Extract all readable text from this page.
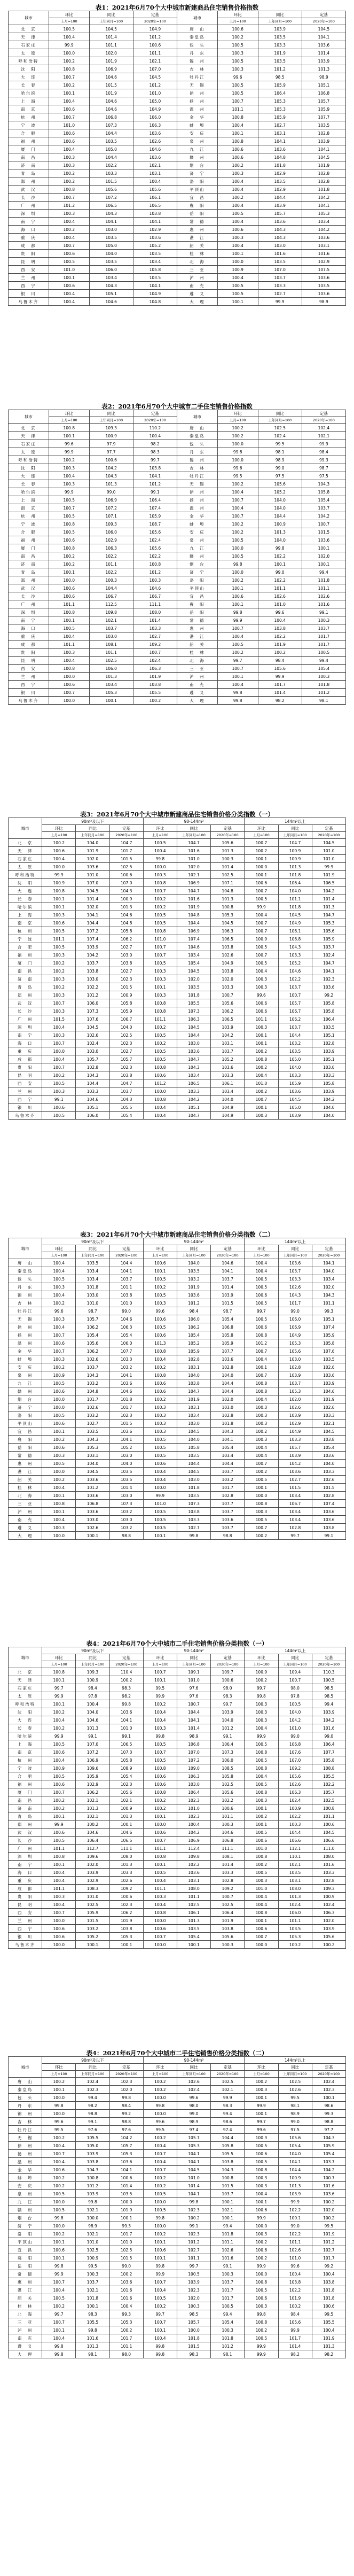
表1：2021年6月70个大中城市新建商品住宅销售价格指数
城市	环比	同比	定基	城市	环比	同比	定基
	上月=100	上年同月=100	2020年=100		上月=100	上年同月=100	2020年=100
北　京	100.5	104.5	104.9	唐　山	100.6	103.9	104.5
天　津	100.4	101.4	101.2	秦皇岛	100.2	103.5	104.1
石家庄	99.9	101.1	100.6	包　头	100.5	103.3	103.6
太　原	100.0	102.0	101.1	丹　东	100.3	101.9	101.4
呼和浩特	100.2	101.9	102.1	锦　州	100.5	103.5	103.9
沈　阳	100.8	106.9	107.0	吉　林	100.3	101.2	101.3
大　连	100.7	104.6	104.5	牡丹江	99.6	98.5	98.9
长　春	100.2	101.5	101.2	无　锡	100.5	105.9	105.1
哈尔滨	100.1	101.9	101.0	徐　州	100.5	106.4	106.8
上　海	100.4	104.6	105.0	扬　州	100.7	105.3	105.7
南　京	100.6	104.6	104.9	温　州	101.1	105.3	105.9
杭　州	100.7	106.8	106.0	金　华	100.8	105.9	107.7
宁　波	101.0	107.3	106.3	蚌　埠	100.4	102.7	103.5
合　肥	100.6	104.4	103.6	安　庆	100.1	103.1	102.8
福　州	100.6	103.5	102.6	泉　州	100.8	104.1	103.9
厦　门	100.4	105.0	104.6	九　江	100.6	103.6	104.1
南　昌	100.3	104.4	103.6	赣　州	100.6	104.8	104.5
济　南	100.3	102.2	102.1	烟　台	100.2	101.8	101.9
青　岛	100.2	103.3	103.1	济　宁	100.3	102.9	102.8
郑　州	100.2	101.5	100.4	洛　阳	100.4	103.5	102.8
武　汉	100.8	105.6	105.6	平顶山	100.4	102.9	101.8
长　沙	100.7	107.2	106.1	宜　昌	100.2	104.4	104.2
广　州	101.2	106.5	106.5	襄　阳	100.4	103.9	104.1
深　圳	100.3	104.3	103.8	岳　阳	100.5	105.7	105.3
南　宁	100.4	104.1	104.1	常　德	100.4	103.6	103.4
海　口	100.2	103.0	102.9	惠　州	100.6	104.3	104.2
重　庆	100.4	103.5	103.6	湛　江	100.3	104.3	103.6
成　都	100.7	105.0	105.2	韶　关	100.4	103.0	103.1
贵　阳	100.6	104.0	103.5	桂　林	100.1	101.6	101.6
昆　明	100.5	103.5	103.4	北　海	100.0	103.5	102.9
西　安	101.0	106.0	105.8	三　亚	100.9	107.0	107.5
兰　州	100.1	103.4	103.5	泸　州	100.4	103.7	103.6
西　宁	100.6	104.3	104.1	南　充	100.5	103.3	103.5
银　川	100.4	105.1	104.9	遵　义	100.5	102.7	103.6
乌鲁木齐	100.4	104.6	104.8	大　理	100.1	99.9	98.9
表2：2021年6月70个大中城市二手住宅销售价格指数
城市	环比	同比	定基	城市	环比	同比	定基
	上月=100	上年同月=100	2020年=100		上月=100	上年同月=100	2020年=100
北　京	100.8	109.3	110.2	唐　山	100.2	102.5	102.4
天　津	100.1	100.9	100.4	秦皇岛	100.2	102.4	102.1
石家庄	99.6	97.9	98.2	包　头	100.0	99.5	99.9
太　原	99.9	97.7	98.3	丹　东	99.8	98.1	98.4
呼和浩特	100.2	100.6	99.7	锦　州	100.0	98.9	99.3
沈　阳	100.3	104.2	103.8	吉　林	99.6	99.0	98.7
大　连	100.4	104.3	104.1	牡丹江	99.5	97.5	97.5
长　春	100.3	101.3	101.2	无　锡	100.2	105.6	104.3
哈尔滨	99.9	99.0	99.1	徐　州	100.4	105.2	105.8
上　海	100.5	106.9	106.4	扬　州	100.7	104.0	105.4
南　京	100.7	107.2	107.4	温　州	100.4	104.0	103.7
杭　州	100.5	107.1	105.9	金　华	100.7	104.4	104.2
宁　波	100.8	109.3	108.7	蚌　埠	100.2	100.9	100.7
合　肥	100.5	106.0	105.6	安　庆	100.2	101.3	101.5
福　州	100.6	102.9	102.4	泉　州	100.5	104.0	103.6
厦　门	100.8	106.3	105.6	九　江	100.0	99.8	100.1
南　昌	100.2	102.2	102.2	赣　州	100.5	102.2	102.0
济　南	100.2	101.1	100.8	烟　台	99.8	100.1	100.1
青　岛	100.1	102.2	101.2	济　宁	100.0	99.0	99.4
郑　州	100.0	100.3	100.3	洛　阳	100.2	102.2	101.8
武　汉	100.6	104.4	104.6	平顶山	100.1	101.1	101.1
长　沙	100.6	106.7	106.7	宜　昌	100.6	102.6	102.6
广　州	101.1	112.5	111.1	襄　阳	100.1	101.0	101.6
深　圳	100.8	109.8	108.0	岳　阳	99.8	99.6	99.1
南　宁	100.1	102.1	101.4	常　德	99.9	100.4	100.3
海　口	100.5	103.7	103.3	惠　州	100.7	103.8	103.7
重　庆	100.4	103.0	102.7	湛　江	100.4	102.2	101.7
成　都	101.1	108.1	109.2	韶　关	100.5	101.9	101.7
贵　阳	100.3	101.1	100.7	桂　林	100.2	100.2	100.5
昆　明	100.4	102.5	102.4	北　海	99.7	98.4	99.4
西　安	100.8	106.0	106.3	三　亚	100.7	105.6	105.4
兰　州	100.0	101.3	101.9	泸　州	100.1	99.9	100.3
西　宁	100.6	103.4	103.8	南　充	100.4	101.7	101.8
银　川	100.7	105.3	105.5	遵　义	99.8	101.4	101.2
乌鲁木齐	100.0	100.1	100.2	大　理	99.8	98.2	98.1
表3：2021年6月70个大中城市新建商品住宅销售价格分类指数（一）
城市	90m²及以下			90-144m²			144m²以上		
	环比	同比	定基	环比	同比	定基	环比	同比	定基
	上月=100	上年同月=100	2020年=100	上月=100	上年同月=100	2020年=100	上月=100	上年同月=100	2020年=100
北　京	100.2	104.0	104.7	100.5	104.7	105.6	100.7	104.7	104.5
天　津	100.6	101.9	101.7	100.4	101.6	101.3	100.2	100.9	101.0
石家庄	100.4	102.0	101.5	99.8	101.0	100.3	100.1	100.9	101.0
太　原	100.0	103.6	102.5	100.0	102.0	101.4	100.0	101.3	99.9
呼和浩特	99.9	101.0	100.6	100.3	102.1	102.5	100.1	101.8	101.9
沈　阳	100.9	107.0	107.0	100.8	106.9	107.1	100.6	106.4	106.5
大　连	100.8	104.5	104.3	100.7	104.7	104.8	100.7	104.0	104.2
长　春	100.1	101.4	100.9	100.2	101.6	101.3	100.5	101.1	101.4
哈尔滨	100.1	102.0	101.3	100.2	101.9	100.8	99.9	101.8	101.3
上　海	100.3	104.1	104.6	100.5	104.8	105.3	100.4	104.5	104.7
南　京	100.6	104.4	104.8	100.5	104.4	104.5	100.7	104.9	105.3
杭　州	100.5	107.2	105.8	100.8	106.9	106.3	100.7	106.1	105.6
宁　波	101.1	107.4	106.2	101.0	107.4	106.5	100.9	106.8	105.9
合　肥	100.5	103.9	102.7	100.7	104.6	103.8	100.5	104.3	103.7
福　州	100.3	104.2	103.0	100.7	103.4	102.6	100.7	103.3	102.4
厦　门	100.2	103.7	103.8	100.5	105.4	104.9	100.5	105.2	104.7
南　昌	100.2	103.8	102.7	100.3	104.5	103.8	100.4	104.6	104.1
济　南	100.3	103.0	102.3	100.3	102.0	102.0	100.3	102.2	102.3
青　岛	100.2	102.2	101.5	100.1	103.5	103.3	100.3	103.7	103.6
郑　州	100.3	101.2	100.9	100.3	101.8	100.7	99.6	100.7	99.2
武　汉	100.7	106.0	105.8	100.8	105.5	105.6	100.6	105.7	105.8
长　沙	100.3	107.3	105.9	100.8	107.3	106.2	100.6	106.7	105.8
广　州	101.5	107.6	106.7	101.1	106.3	106.5	101.1	106.2	106.4
深　圳	100.4	104.5	104.0	100.2	104.5	103.9	100.3	103.7	103.5
南　宁	100.3	102.6	102.5	100.5	104.4	104.2	100.1	104.4	105.1
海　口	100.7	102.4	102.3	100.2	103.0	103.1	100.1	103.2	102.8
重　庆	100.0	103.0	102.7	100.5	103.6	103.7	100.2	103.5	103.9
成　都	100.4	105.7	105.7	100.5	104.7	105.2	100.8	105.0	105.1
贵　阳	100.7	102.8	102.3	100.8	104.3	103.6	100.2	104.0	103.6
昆　明	100.2	104.3	103.8	100.6	103.4	103.3	100.4	103.3	103.3
西　安	100.5	104.4	104.7	101.2	106.5	106.1	101.0	105.9	105.8
兰　州	100.3	103.3	103.7	100.0	103.3	103.4	100.2	103.6	103.9
西　宁	99.1	104.6	104.3	100.8	104.2	104.0	100.7	104.5	104.2
银　川	100.6	105.1	105.5	100.4	105.1	104.9	100.1	105.0	104.0
乌鲁木齐	100.5	106.0	105.4	100.4	104.7	104.9	100.3	103.9	104.0
表3：2021年6月70个大中城市新建商品住宅销售价格分类指数（二）
城市	90m²及以下			90-144m²			144m²以上		
	环比	同比	定基	环比	同比	定基	环比	同比	定基
	上月=100	上年同月=100	2020年=100	上月=100	上年同月=100	2020年=100	上月=100	上年同月=100	2020年=100
唐　山	100.4	103.5	104.4	100.6	104.0	104.6	100.4	103.6	104.1
秦皇岛	100.4	103.4	104.1	100.1	103.5	104.1	100.4	103.7	104.0
包　头	100.5	103.4	103.7	100.5	103.2	103.7	100.5	103.3	103.4
丹　东	100.3	101.8	101.1	100.2	101.9	101.4	100.5	102.6	102.0
锦　州	100.4	103.0	103.8	100.5	103.6	103.9	100.6	104.3	104.3
吉　林	100.2	101.0	101.0	100.3	101.2	101.5	100.5	101.7	101.1
牡丹江	99.6	98.7	99.0	99.6	98.4	98.7	99.7	99.0	99.3
无　锡	100.3	105.7	104.6	100.6	106.0	105.4	100.5	106.0	105.1
徐　州	100.4	106.2	106.3	100.5	106.2	106.8	100.6	106.9	107.4
扬　州	100.7	105.4	105.4	100.6	105.4	105.8	100.8	104.9	105.9
温　州	100.6	105.6	106.0	101.3	105.2	105.9	101.2	105.3	105.8
金　华	100.7	106.2	107.7	100.8	105.9	107.7	100.7	105.6	107.6
蚌　埠	100.3	102.6	103.3	100.4	102.8	103.6	100.4	103.0	103.5
安　庆	100.2	103.7	103.2	100.2	103.1	102.8	100.1	102.8	102.6
泉　州	100.9	104.3	104.1	100.8	104.0	104.0	100.7	103.9	103.6
九　江	100.5	103.2	103.6	100.6	103.8	104.4	100.8	103.7	103.9
赣　州	100.6	104.8	104.6	100.6	104.7	104.4	100.8	105.3	104.6
烟　台	100.0	101.7	101.8	100.2	101.9	102.0	100.4	102.0	101.9
济　宁	100.0	102.6	101.7	100.3	103.1	103.0	100.3	102.6	102.6
洛　阳	100.5	103.2	102.3	100.3	103.4	102.8	100.3	103.9	103.3
平顶山	100.6	102.7	101.5	100.3	103.0	101.8	100.3	102.9	102.1
宜　昌	100.1	103.5	103.6	100.3	104.5	104.3	100.2	104.9	104.5
襄　阳	100.2	104.3	104.1	100.5	104.0	104.1	100.3	103.3	103.8
岳　阳	100.6	105.3	105.2	100.5	105.8	105.4	100.4	105.7	105.4
常　德	100.3	103.1	103.0	100.5	103.5	103.4	100.4	103.9	103.6
惠　州	100.5	104.0	104.0	100.6	104.4	104.4	100.7	104.2	104.0
湛　江	100.0	104.5	103.5	100.4	104.5	103.7	100.2	103.6	103.3
韶　关	100.2	103.6	103.5	100.4	103.0	103.2	100.5	102.7	102.6
桂　林	100.4	101.2	101.4	100.0	101.8	101.7	100.1	101.5	101.5
北　海	100.1	103.6	103.0	99.9	103.5	102.8	100.0	103.4	102.8
三　亚	100.8	106.8	107.3	101.0	107.3	107.7	100.8	106.7	107.4
泸　州	100.1	103.6	103.2	100.5	103.8	103.7	100.3	103.4	103.6
南　充	100.4	103.0	103.0	100.5	103.3	103.6	100.5	103.4	103.6
遵　义	100.3	102.6	103.2	100.5	102.7	103.7	100.7	102.8	103.8
大　理	100.0	100.1	98.8	100.1	99.8	98.8	100.2	99.7	99.1
表4：2021年6月70个大中城市二手住宅销售价格分类指数（一）
城市	90m²及以下			90-144m²			144m²以上		
	环比	同比	定基	环比	同比	定基	环比	同比	定基
	上月=100	上年同月=100	2020年=100	上月=100	上年同月=100	2020年=100	上月=100	上年同月=100	2020年=100
北　京	100.8	109.3	110.4	100.7	109.1	109.7	100.9	109.4	110.3
天　津	100.1	100.9	100.2	100.1	101.0	100.6	100.2	100.7	100.5
石家庄	99.7	98.4	98.3	99.5	97.6	98.0	99.7	98.0	98.5
太　原	99.9	97.8	98.2	99.9	97.6	98.3	99.8	97.8	98.5
呼和浩特	100.1	100.4	99.8	100.2	100.7	99.7	100.3	100.5	99.4
沈　阳	100.2	104.0	103.6	100.4	104.4	103.9	100.3	104.0	103.9
大　连	100.4	104.6	104.1	100.4	104.1	104.0	100.3	104.2	104.2
长　春	100.2	101.3	101.0	100.3	101.4	101.2	100.4	101.0	101.6
哈尔滨	99.9	99.1	99.1	99.8	98.9	99.1	99.9	99.0	99.0
上　海	100.5	107.0	106.5	100.5	106.8	106.4	100.5	106.8	106.4
南　京	100.6	107.2	107.3	100.7	107.0	107.3	100.8	107.6	107.7
杭　州	100.4	106.9	105.8	100.5	107.2	106.0	100.5	107.0	105.8
宁　波	100.9	109.6	108.9	100.8	109.0	108.5	100.8	109.2	108.8
合　肥	100.5	105.9	105.4	100.6	106.3	105.8	100.4	105.6	105.5
福　州	100.6	102.9	102.3	100.6	103.0	102.5	100.5	102.6	102.2
厦　门	100.7	106.2	105.6	100.8	106.4	105.6	100.8	106.3	105.7
南　昌	100.2	102.1	102.1	100.2	102.3	102.2	100.3	102.4	102.5
济　南	100.2	101.3	100.9	100.2	101.0	100.6	100.1	100.9	100.8
青　岛	100.1	102.1	101.3	100.1	102.3	101.1	100.2	102.2	101.1
郑　州	99.9	100.2	100.1	100.0	100.4	100.3	100.1	100.3	100.6
武　汉	100.6	104.6	104.6	100.6	104.2	104.6	100.5	104.4	104.5
长　沙	100.5	106.4	106.5	100.7	106.9	106.8	100.6	106.6	106.6
广　州	101.1	112.7	111.1	101.1	112.4	111.1	101.0	112.1	111.0
深　圳	100.8	109.6	108.0	100.8	109.8	108.1	100.8	110.1	108.0
南　宁	100.1	102.0	101.3	100.1	102.2	101.4	100.2	102.1	101.6
海　口	100.4	103.9	103.3	100.5	103.6	103.3	100.5	103.5	103.3
重　庆	100.4	102.9	102.6	100.4	103.1	102.8	100.3	103.1	102.8
成　都	101.1	108.3	109.2	101.1	108.0	109.2	101.0	108.0	109.3
贵　阳	100.3	101.0	100.6	100.3	101.1	100.7	100.4	101.3	100.9
昆　明	100.4	102.5	102.3	100.4	102.5	102.5	100.4	102.4	102.4
西　安	100.7	105.9	106.2	100.8	106.1	106.4	100.8	106.0	106.3
兰　州	100.0	101.5	101.9	100.0	101.3	101.9	100.1	101.1	102.0
西　宁	100.6	103.2	103.8	100.6	103.5	103.8	100.6	103.5	103.9
银　川	100.6	105.2	105.3	100.7	105.4	105.6	100.7	105.3	105.6
乌鲁木齐	100.0	100.1	100.1	100.0	100.1	100.3	100.0	100.2	100.2
表4：2021年6月70个大中城市二手住宅销售价格分类指数（二）
城市	90m²及以下			90-144m²			144m²以上		
	环比	同比	定基	环比	同比	定基	环比	同比	定基
	上月=100	上年同月=100	2020年=100	上月=100	上年同月=100	2020年=100	上月=100	上年同月=100	2020年=100
唐　山	100.2	102.4	102.3	100.2	102.6	102.5	100.2	102.5	102.4
秦皇岛	100.1	102.3	102.0	100.2	102.4	102.1	100.3	102.6	102.3
包　头	100.0	99.4	99.8	100.0	99.6	99.9	100.1	99.5	100.1
丹　东	99.8	98.2	98.4	99.8	98.0	98.3	99.9	98.1	98.6
锦　州	100.0	98.8	99.2	100.0	99.0	99.4	100.1	98.9	99.3
吉　林	99.6	99.1	98.8	99.6	98.9	98.6	99.7	99.0	98.8
牡丹江	99.5	97.6	97.6	99.5	97.4	97.4	99.6	97.5	97.7
无　锡	100.2	105.5	104.2	100.2	105.7	104.4	100.3	105.6	104.3
徐　州	100.4	105.0	105.7	100.4	105.3	105.8	100.5	105.4	105.9
扬　州	100.7	103.9	105.3	100.7	104.1	105.5	100.6	104.0	105.4
温　州	100.4	103.8	103.6	100.4	104.1	103.8	100.5	104.1	103.7
金　华	100.6	104.3	104.1	100.7	104.5	104.3	100.8	104.4	104.2
蚌　埠	100.2	100.8	100.6	100.2	101.0	100.8	100.3	100.9	100.7
安　庆	100.2	101.2	101.4	100.2	101.4	101.5	100.3	101.3	101.6
泉　州	100.5	103.9	103.5	100.5	104.1	103.7	100.4	103.9	103.6
九　江	100.0	99.8	100.0	100.0	99.8	100.1	100.1	99.9	100.2
赣　州	100.5	102.1	101.9	100.5	102.3	102.1	100.6	102.2	102.0
烟　台	99.8	100.0	100.1	99.8	100.2	100.1	99.9	100.1	100.2
济　宁	100.0	98.9	99.3	100.0	99.1	99.4	100.0	99.0	99.5
洛　阳	100.2	102.1	101.7	100.2	102.3	101.8	100.3	102.2	101.9
平顶山	100.1	101.0	101.0	100.1	101.2	101.1	100.2	101.1	101.2
宜　昌	100.6	102.5	102.5	100.6	102.7	102.6	100.6	102.6	102.7
襄　阳	100.1	100.9	101.5	100.1	101.1	101.6	100.2	101.0	101.7
岳　阳	99.8	99.5	99.0	99.8	99.7	99.1	99.9	99.6	99.2
常　德	99.9	100.3	100.2	99.9	100.5	100.3	100.0	100.4	100.4
惠　州	100.7	103.7	103.6	100.7	103.9	103.7	100.8	103.8	103.8
湛　江	100.4	102.1	101.6	100.4	102.3	101.7	100.5	102.2	101.8
韶　关	100.5	101.8	101.6	100.5	102.0	101.7	100.6	101.9	101.8
桂　林	100.2	100.1	100.4	100.2	100.3	100.5	100.3	100.2	100.6
北　海	99.7	98.3	99.3	99.7	98.5	99.4	99.8	98.4	99.5
三　亚	100.7	105.5	105.3	100.7	105.7	105.4	100.8	105.6	105.5
泸　州	100.1	99.8	100.2	100.1	100.0	100.3	100.2	99.9	100.4
南　充	100.4	101.6	101.7	100.4	101.8	101.8	100.5	101.7	101.9
遵　义	99.8	101.3	101.1	99.8	101.5	101.2	99.9	101.4	101.3
大　理	99.8	98.1	98.0	99.8	98.3	98.1	99.9	98.2	98.2
